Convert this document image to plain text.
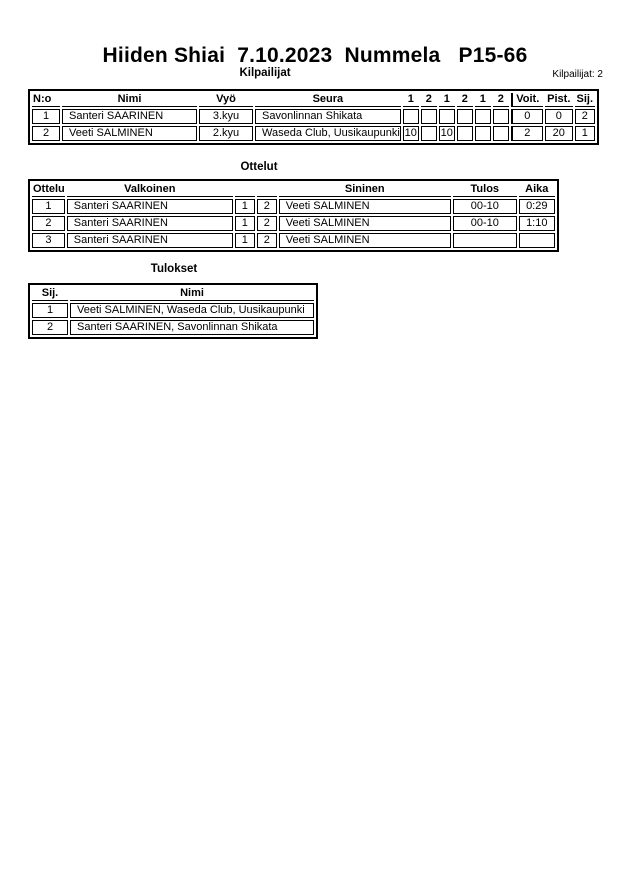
Hiiden Shiai  7.10.2023  Nummela   P15-66
Kilpailijat	Kilpailijat: 2
N:o	Nimi	Vyö	Seura	1	2	1	2	1	2	Voit.	Pist.	Sij.
1	Santeri SAARINEN	3.kyu	Savonlinnan Shikata							0	0	2
2	Veeti SALMINEN	2.kyu	Waseda Club, Uusikaupunki	10		10				2	20	1
Ottelut
Ottelu	Valkoinen			Sininen	Tulos	Aika
1	Santeri SAARINEN	1	2	Veeti SALMINEN	00-10	0:29
2	Santeri SAARINEN	1	2	Veeti SALMINEN	00-10	1:10
3	Santeri SAARINEN	1	2	Veeti SALMINEN		
Tulokset
Sij.	Nimi
1	Veeti SALMINEN, Waseda Club, Uusikaupunki
2	Santeri SAARINEN, Savonlinnan Shikata
